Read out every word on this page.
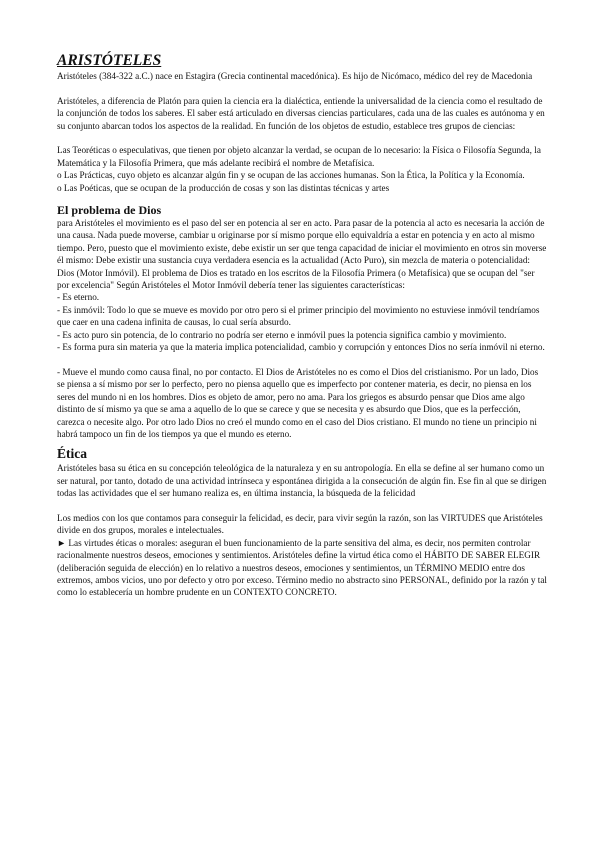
ARISTÓTELES

Aristóteles (384-322 a.C.) nace en Estagira (Grecia continental macedónica). Es hijo de Nicómaco, médico del rey de Macedonia

Aristóteles, a diferencia de Platón para quien la ciencia era la dialéctica, entiende la universalidad de la ciencia como el resultado de la conjunción de todos los saberes. El saber está articulado en diversas ciencias particulares, cada una de las cuales es autónoma y en su conjunto abarcan todos los aspectos de la realidad. En función de los objetos de estudio, establece tres grupos de ciencias:

Las Teoréticas o especulativas, que tienen por objeto alcanzar la verdad, se ocupan de lo necesario: la Física o Filosofía Segunda, la Matemática y la Filosofía Primera, que más adelante recibirá el nombre de Metafísica.

o Las Prácticas, cuyo objeto es alcanzar algún fin y se ocupan de las acciones humanas. Son la Ética, la Política y la Economía.

o Las Poéticas, que se ocupan de la producción de cosas y son las distintas técnicas y artes

El problema de Dios

para Aristóteles el movimiento es el paso del ser en potencia al ser en acto. Para pasar de la potencia al acto es necesaria la acción de una causa. Nada puede moverse, cambiar u originarse por sí mismo porque ello equivaldría a estar en potencia y en acto al mismo tiempo. Pero, puesto que el movimiento existe, debe existir un ser que tenga capacidad de iniciar el movimiento en otros sin moverse él mismo: Debe existir una sustancia cuya verdadera esencia es la actualidad (Acto Puro), sin mezcla de materia o potencialidad: Dios (Motor Inmóvil). El problema de Dios es tratado en los escritos de la Filosofía Primera (o Metafísica) que se ocupan del "ser por excelencia" Según Aristóteles el Motor Inmóvil debería tener las siguientes características:

- Es eterno.

- Es inmóvil: Todo lo que se mueve es movido por otro pero si el primer principio del movimiento no estuviese inmóvil tendríamos que caer en una cadena infinita de causas, lo cual sería absurdo.

- Es acto puro sin potencia, de lo contrario no podría ser eterno e inmóvil pues la potencia significa cambio y movimiento.

- Es forma pura sin materia ya que la materia implica potencialidad, cambio y corrupción y entonces Dios no sería inmóvil ni eterno.

- Mueve el mundo como causa final, no por contacto. El Dios de Aristóteles no es como el Dios del cristianismo. Por un lado, Dios se piensa a sí mismo por ser lo perfecto, pero no piensa aquello que es imperfecto por contener materia, es decir, no piensa en los seres del mundo ni en los hombres. Dios es objeto de amor, pero no ama. Para los griegos es absurdo pensar que Dios ame algo distinto de sí mismo ya que se ama a aquello de lo que se carece y que se necesita y es absurdo que Dios, que es la perfección, carezca o necesite algo. Por otro lado Dios no creó el mundo como en el caso del Dios cristiano. El mundo no tiene un principio ni habrá tampoco un fin de los tiempos ya que el mundo es eterno.

Ética

Aristóteles basa su ética en su concepción teleológica de la naturaleza y en su antropología. En ella se define al ser humano como un ser natural, por tanto, dotado de una actividad intrínseca y espontánea dirigida a la consecución de algún fin. Ese fin al que se dirigen todas las actividades que el ser humano realiza es, en última instancia, la búsqueda de la felicidad

Los medios con los que contamos para conseguir la felicidad, es decir, para vivir según la razón, son las VIRTUDES que Aristóteles divide en dos grupos, morales e intelectuales.

► Las virtudes éticas o morales: aseguran el buen funcionamiento de la parte sensitiva del alma, es decir, nos permiten controlar racionalmente nuestros deseos, emociones y sentimientos. Aristóteles define la virtud ética como el HÁBITO DE SABER ELEGIR (deliberación seguida de elección) en lo relativo a nuestros deseos, emociones y sentimientos, un TÉRMINO MEDIO entre dos extremos, ambos vicios, uno por defecto y otro por exceso. Término medio no abstracto sino PERSONAL, definido por la razón y tal como lo establecería un hombre prudente en un CONTEXTO CONCRETO.
